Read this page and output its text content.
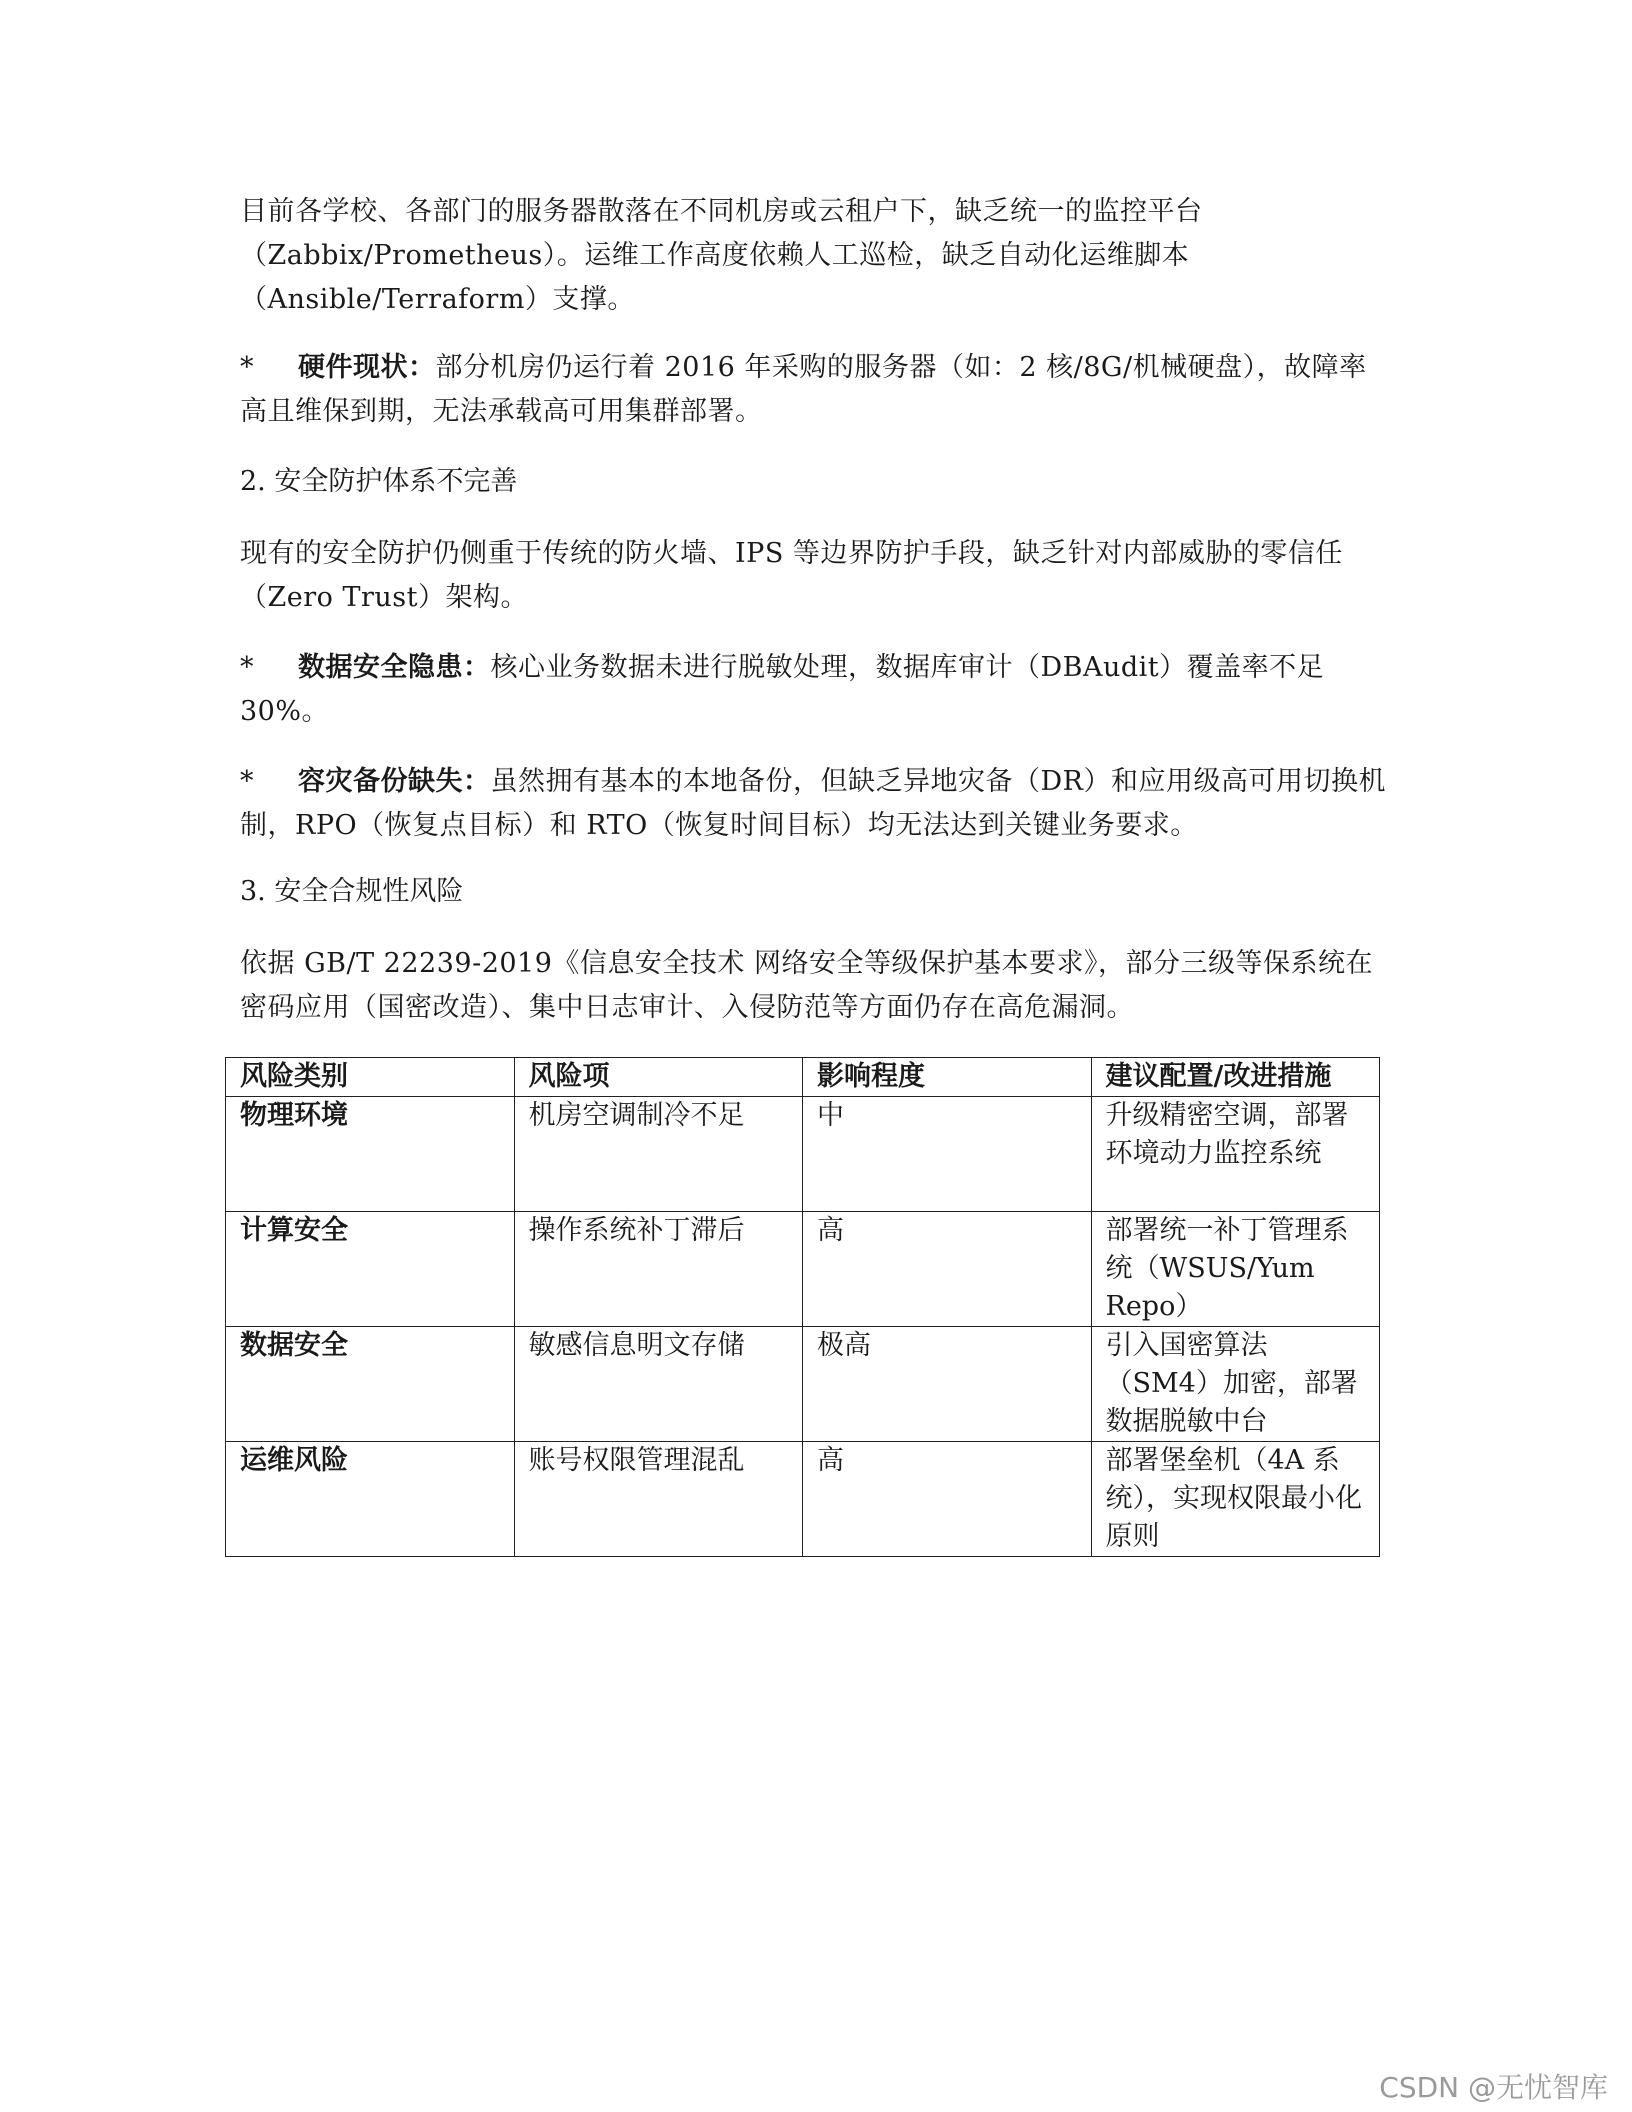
目前各学校、各部门的服务器散落在不同机房或云租户下，缺乏统一的监控平台（Zabbix/Prometheus）。运维工作高度依赖人工巡检，缺乏自动化运维脚本（Ansible/Terraform）支撑。

* 硬件现状：部分机房仍运行着 2016 年采购的服务器（如：2 核/8G/机械硬盘），故障率高且维保到期，无法承载高可用集群部署。

2. 安全防护体系不完善

现有的安全防护仍侧重于传统的防火墙、IPS 等边界防护手段，缺乏针对内部威胁的零信任（Zero Trust）架构。

* 数据安全隐患：核心业务数据未进行脱敏处理，数据库审计（DBAudit）覆盖率不足 30%。

* 容灾备份缺失：虽然拥有基本的本地备份，但缺乏异地灾备（DR）和应用级高可用切换机制，RPO（恢复点目标）和 RTO（恢复时间目标）均无法达到关键业务要求。

3. 安全合规性风险

依据 GB/T 22239-2019《信息安全技术 网络安全等级保护基本要求》，部分三级等保系统在密码应用（国密改造）、集中日志审计、入侵防范等方面仍存在高危漏洞。

风险类别	风险项	影响程度	建议配置/改进措施
物理环境	机房空调制冷不足	中	升级精密空调，部署环境动力监控系统
计算安全	操作系统补丁滞后	高	部署统一补丁管理系统（WSUS/Yum Repo）
数据安全	敏感信息明文存储	极高	引入国密算法（SM4）加密，部署数据脱敏中台
运维风险	账号权限管理混乱	高	部署堡垒机（4A 系统），实现权限最小化原则
CSDN @无忧智库
